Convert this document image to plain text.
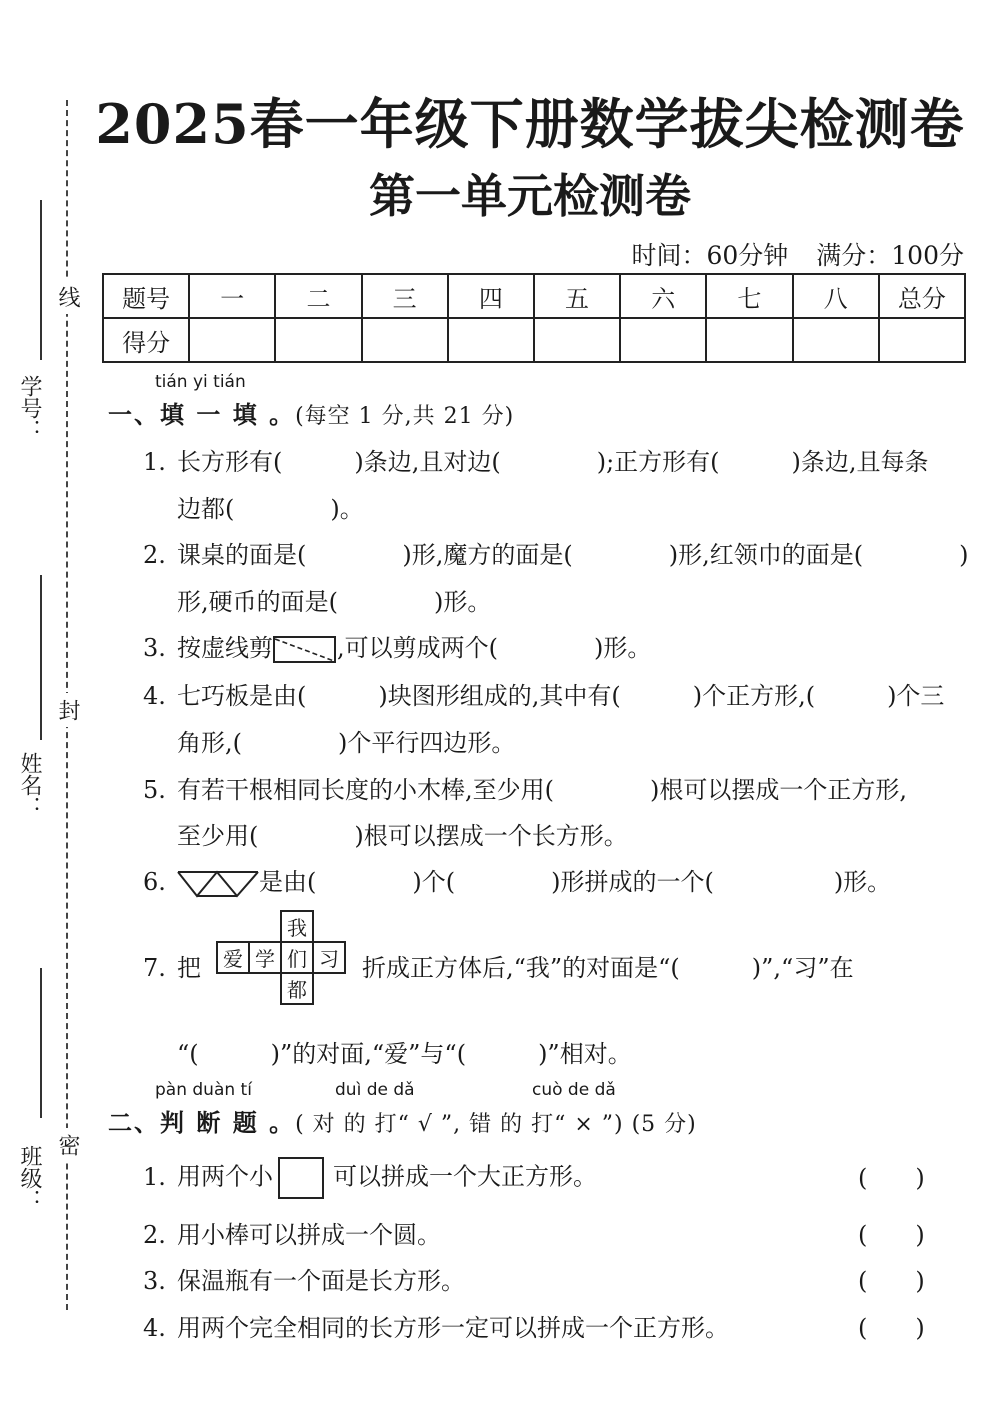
学号：
姓名：
班级：
线
封
密
2025春一年级下册数学拔尖检测卷
第一单元检测卷
时间：60分钟 满分：100分
题号	一	二	三	四	五	六	七	八	总分
得分									
tián yi tián
一、填 一 填 。(每空 1 分,共 21 分)
1. 长方形有(　　　)条边,且对边(　　　　);正方形有(　　　)条边,且每条
边都(　　　　)。
2. 课桌的面是(　　　　)形,魔方的面是(　　　　)形,红领巾的面是(　　　　)
形,硬币的面是(　　　　)形。
3. 按虚线剪	,可以剪成两个(　　　　)形。
4. 七巧板是由(　　　)块图形组成的,其中有(　　　)个正方形,(　　　)个三
角形,(　　　　)个平行四边形。
5. 有若干根相同长度的小木棒,至少用(　　　　)根可以摆成一个正方形,
至少用(　　　　)根可以摆成一个长方形。
6.	是由(　　　　)个(　　　　)形拼成的一个(　　　　　)形。
7. 把
		我	
爱	学	们	习
		都	
折成正方体后,“我”的对面是“(　　　)”,“习”在
“(　　　)”的对面,“爱”与“(　　　)”相对。
pàn duàn tí	duì de dǎ	cuò de dǎ
二、判 断 题 。( 对 的 打“ √ ”, 错 的 打“ × ”) (5 分)
1. 用两个小	可以拼成一个大正方形。	(　　)
2. 用小棒可以拼成一个圆。	(　　)
3. 保温瓶有一个面是长方形。	(　　)
4. 用两个完全相同的长方形一定可以拼成一个正方形。	(　　)
